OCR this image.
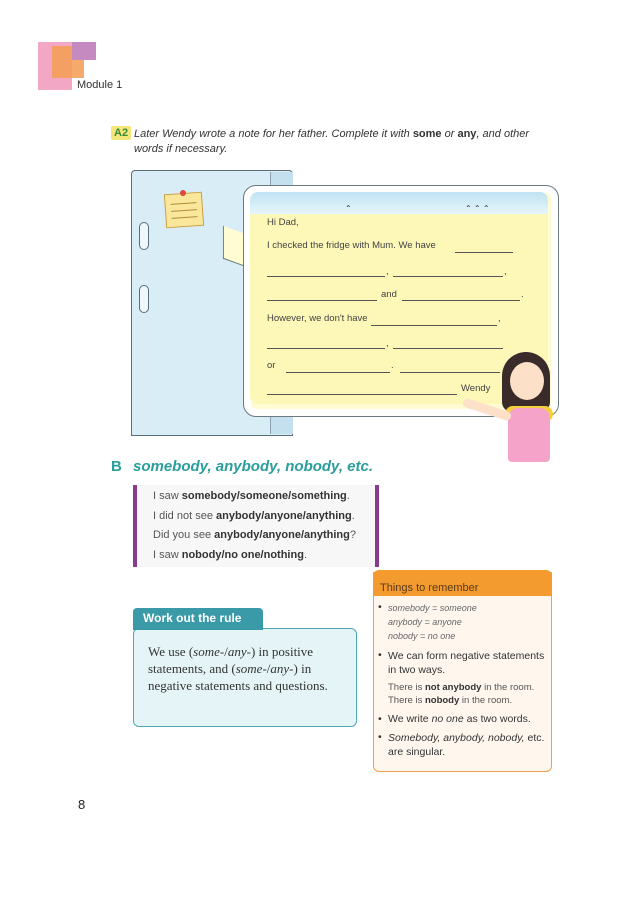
Module 1
A2 Later Wendy wrote a note for her father. Complete it with some or any, and other words if necessary.
⌃	⌃ ⌃ ⌃
Hi Dad,
I checked the fridge with Mum. We have
,	,
and	.
However, we don't have	,
,
or	.
Wendy
B somebody, anybody, nobody, etc.
I saw somebody/someone/something.
I did not see anybody/anyone/anything.
Did you see anybody/anyone/anything?
I saw nobody/no one/nothing.
Work out the rule
We use (some-/any-) in positive statements, and (some-/any-) in negative statements and questions.
Things to remember
• somebody = someone
anybody = anyone
nobody = no one
• We can form negative statements in two ways.
There is not anybody in the room.
There is nobody in the room.
• We write no one as two words.
• Somebody, anybody, nobody, etc. are singular.
8
